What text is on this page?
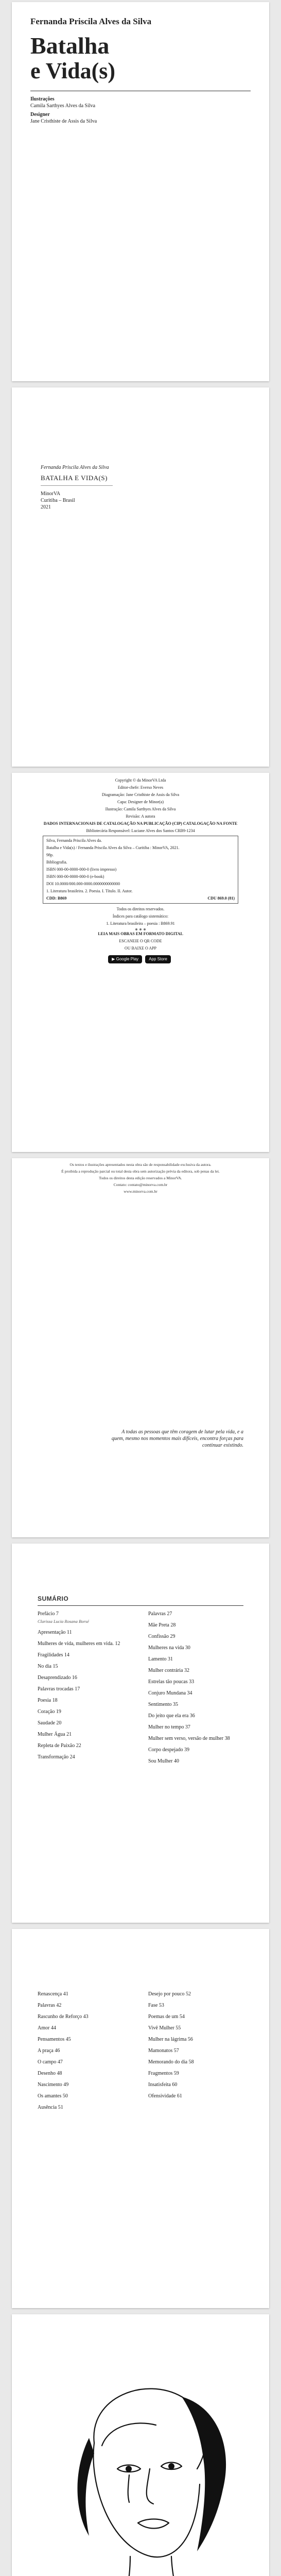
Fernanda Priscila Alves da Silva
Batalha
e Vida(s)
Ilustrações
Camila Sarthyes Alves da Silva
Designer
Jane Cristhiste de Assis da Silva
Fernanda Priscila Alves da Silva
BATALHA E VIDA(S)
MinorVA
Curitiba – Brasil
2021

Copyright © da MinorVA Ltda

Editor-chefe: Everso Neves

Diagramação: Jane Cristhiste de Assis da Silva

Capa: Designer de Minor(a)

Ilustração: Camila Sarthyes Alves da Silva

Revisão: A autora

DADOS INTERNACIONAIS DE CATALOGAÇÃO NA PUBLICAÇÃO (CIP) CATALOGAÇÃO NA FONTE

Bibliotecária Responsável: Luciane Alves dos Santos CRB9-1234

Silva, Fernanda Priscila Alves da.

Batalha e Vida(s) / Fernanda Priscila Alves da Silva – Curitiba : MinorVA, 2021.

98p.

Bibliografia.

ISBN 000-00-0000-000-0 (livro impresso)

ISBN 000-00-0000-000-0 (e-book)

DOI 10.0000/000.000-0000.0000000000000

1. Literatura brasileira. 2. Poesia. I. Título. II. Autor.

CDD: B869	CDU 869.0 (81)

Todos os direitos reservados.

Índices para catálogo sistemático:

1. Literatura brasileira – poesia : B869.91

LEIA MAIS OBRAS EM FORMATO DIGITAL

ESCANEIE O QR CODE

OU BAIXE O APP

▶ Google Play	App Store

Os textos e ilustrações apresentados nesta obra são de responsabilidade exclusiva da autora.

É proibida a reprodução parcial ou total desta obra sem autorização prévia da editora, sob penas da lei.

Todos os direitos desta edição reservados a MinorVA.

Contato: contato@minorva.com.br

www.minorva.com.br

A todas as pessoas que têm coragem de lutar pela vida, e a quem, mesmo nos momentos mais difíceis, encontra forças para continuar existindo.
SUMÁRIO
Prefácio 7
Clarissa Lucia Rosana Borsé
Apresentação 11
Mulheres de vida, mulheres em vida. 12
Fragilidades 14
No dia 15
Desaprendizado 16
Palavras trocadas 17
Poesia 18
Coração 19
Saudade 20
Mulher Água 21
Repleta de Paixão 22
Transformação 24
Palavras 27
Mãe Preta 28
Confissão 29
Mulheres na vida 30
Lamento 31
Mulher contrária 32
Estrelas tão poucas 33
Conjuro Mundana 34
Sentimento 35
Do jeito que ela era 36
Mulher no tempo 37
Mulher sem verso, versão de mulher 38
Corpo despejado 39
Sou Mulher 40
Renascença 41
Palavras 42
Rascunho de Reforço 43
Amor 44
Pensamentos 45
A praça 46
O campo 47
Desenho 48
Nascimento 49
Os amantes 50
Ausência 51
Desejo por pouco 52
Fase 53
Poemas de um 54
Vivê Mulher 55
Mulher na lágrima 56
Mamonatos 57
Memorando do dia 58
Fragmentos 59
Insatisfeita 60
Ofensividade 61
